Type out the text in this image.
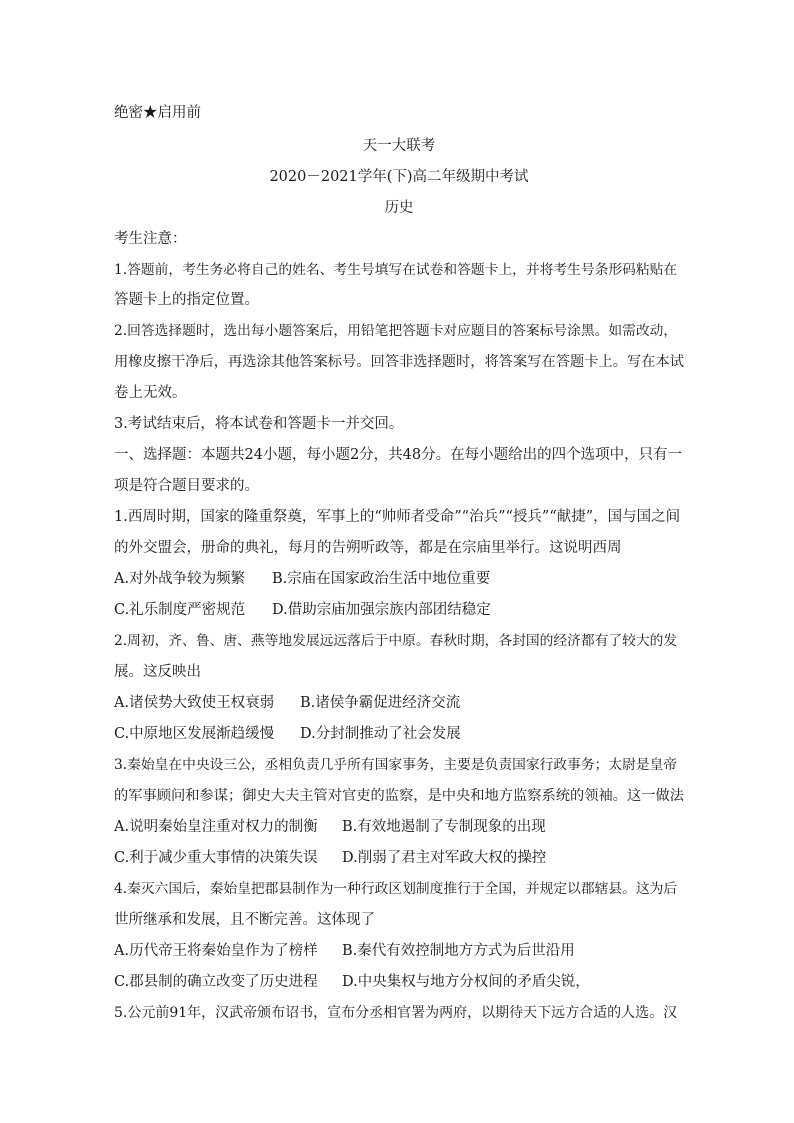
绝密★启用前
天一大联考
2020－2021学年(下)高二年级期中考试
历史
考生注意：
1.答题前，考生务必将自己的姓名、考生号填写在试卷和答题卡上，并将考生号条形码粘贴在
答题卡上的指定位置。
2.回答选择题时，选出每小题答案后，用铅笔把答题卡对应题目的答案标号涂黑。如需改动，
用橡皮擦干净后，再选涂其他答案标号。回答非选择题时，将答案写在答题卡上。写在本试
卷上无效。
3.考试结束后，将本试卷和答题卡一并交回。
一、选择题：本题共24小题，每小题2分，共48分。在每小题给出的四个选项中，只有一
项是符合题目要求的。
1.西周时期，国家的隆重祭奠，军事上的“帅师者受命”“治兵”“授兵”“献捷”，国与国之间
的外交盟会，册命的典礼，每月的告朔听政等，都是在宗庙里举行。这说明西周
A.对外战争较为频繁 B.宗庙在国家政治生活中地位重要
C.礼乐制度严密规范 D.借助宗庙加强宗族内部团结稳定
2.周初，齐、鲁、唐、燕等地发展远远落后于中原。春秋时期，各封国的经济都有了较大的发
展。这反映出
A.诸侯势大致使王权衰弱 B.诸侯争霸促进经济交流
C.中原地区发展渐趋缓慢 D.分封制推动了社会发展
3.秦始皇在中央设三公，丞相负责几乎所有国家事务，主要是负责国家行政事务；太尉是皇帝
的军事顾问和参谋；御史大夫主管对官吏的监察，是中央和地方监察系统的领袖。这一做法
A.说明秦始皇注重对权力的制衡 B.有效地遏制了专制现象的出现
C.利于减少重大事情的决策失误 D.削弱了君主对军政大权的操控
4.秦灭六国后，秦始皇把郡县制作为一种行政区划制度推行于全国，并规定以郡辖县。这为后
世所继承和发展，且不断完善。这体现了
A.历代帝王将秦始皇作为了榜样 B.秦代有效控制地方方式为后世沿用
C.郡县制的确立改变了历史进程 D.中央集权与地方分权间的矛盾尖锐，
5.公元前91年，汉武帝颁布诏书，宣布分丞相官署为两府，以期待天下远方合适的人选。汉
